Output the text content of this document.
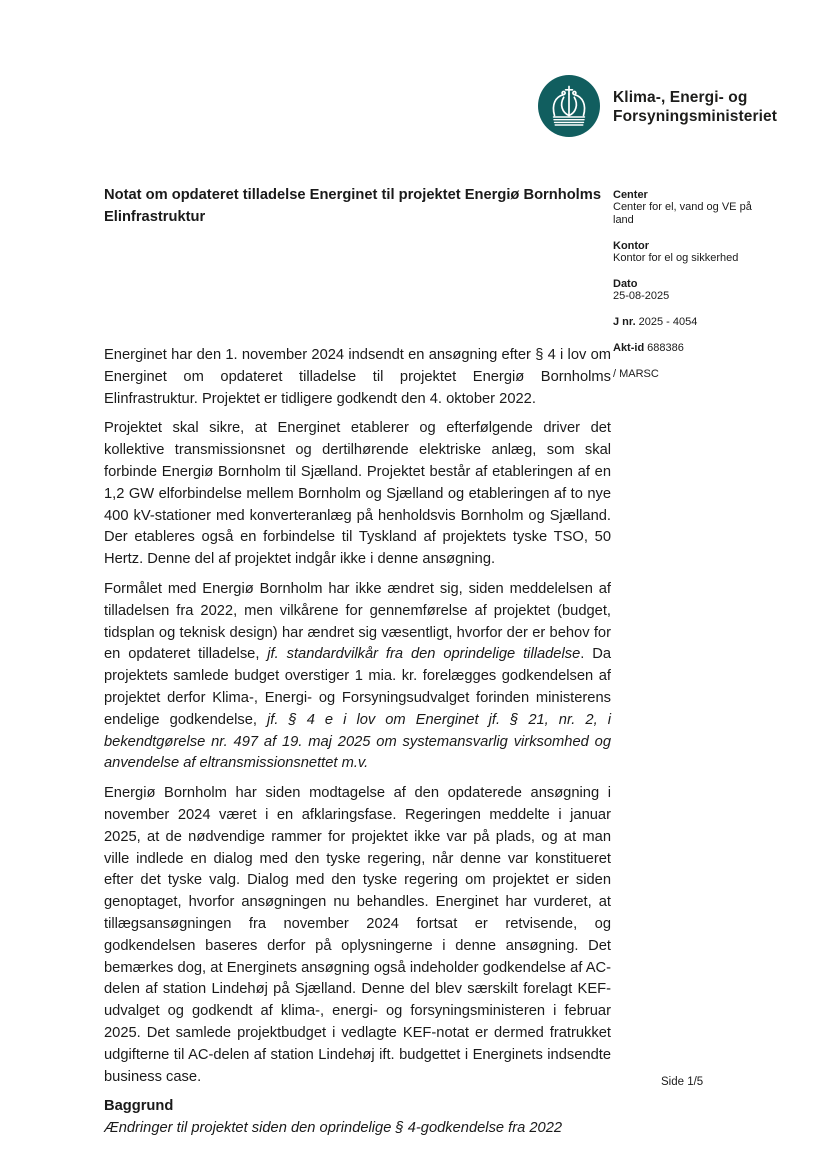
Klima-, Energi- og
Forsyningsministeriet
Notat om opdateret tilladelse Energinet til projektet Energiø Bornholms Elinfrastruktur
Center
Center for el, vand og VE på land
Kontor
Kontor for el og sikkerhed
Dato
25-08-2025
J nr. 2025 - 4054
Akt-id 688386
/ MARSC

Energinet har den 1. november 2024 indsendt en ansøgning efter § 4 i lov om Energinet om opdateret tilladelse til projektet Energiø Bornholms Elinfrastruktur. Projektet er tidligere godkendt den 4. oktober 2022.

Projektet skal sikre, at Energinet etablerer og efterfølgende driver det kollektive transmissionsnet og dertilhørende elektriske anlæg, som skal forbinde Energiø Bornholm til Sjælland. Projektet består af etableringen af en 1,2 GW elforbindelse mellem Bornholm og Sjælland og etableringen af to nye 400 kV-stationer med konverteranlæg på henholdsvis Bornholm og Sjælland. Der etableres også en forbindelse til Tyskland af projektets tyske TSO, 50 Hertz. Denne del af projektet indgår ikke i denne ansøgning.

Formålet med Energiø Bornholm har ikke ændret sig, siden meddelelsen af tilladelsen fra 2022, men vilkårene for gennemførelse af projektet (budget, tidsplan og teknisk design) har ændret sig væsentligt, hvorfor der er behov for en opdateret tilladelse, jf. standardvilkår fra den oprindelige tilladelse. Da projektets samlede budget overstiger 1 mia. kr. forelægges godkendelsen af projektet derfor Klima-, Energi- og Forsyningsudvalget forinden ministerens endelige godkendelse, jf. § 4 e i lov om Energinet jf. § 21, nr. 2, i bekendtgørelse nr. 497 af 19. maj 2025 om systemansvarlig virksomhed og anvendelse af eltransmissionsnettet m.v.

Energiø Bornholm har siden modtagelse af den opdaterede ansøgning i november 2024 været i en afklaringsfase. Regeringen meddelte i januar 2025, at de nødvendige rammer for projektet ikke var på plads, og at man ville indlede en dialog med den tyske regering, når denne var konstitueret efter det tyske valg. Dialog med den tyske regering om projektet er siden genoptaget, hvorfor ansøgningen nu behandles. Energinet har vurderet, at tillægsansøgningen fra november 2024 fortsat er retvisende, og godkendelsen baseres derfor på oplysningerne i denne ansøgning. Det bemærkes dog, at Energinets ansøgning også indeholder godkendelse af AC-delen af station Lindehøj på Sjælland. Denne del blev særskilt forelagt KEF-udvalget og godkendt af klima-, energi- og forsyningsministeren i februar 2025. Det samlede projektbudget i vedlagte KEF-notat er dermed fratrukket udgifterne til AC-delen af station Lindehøj ift. budgettet i Energinets indsendte business case.

Baggrund

Ændringer til projektet siden den oprindelige § 4-godkendelse fra 2022

Side 1/5
